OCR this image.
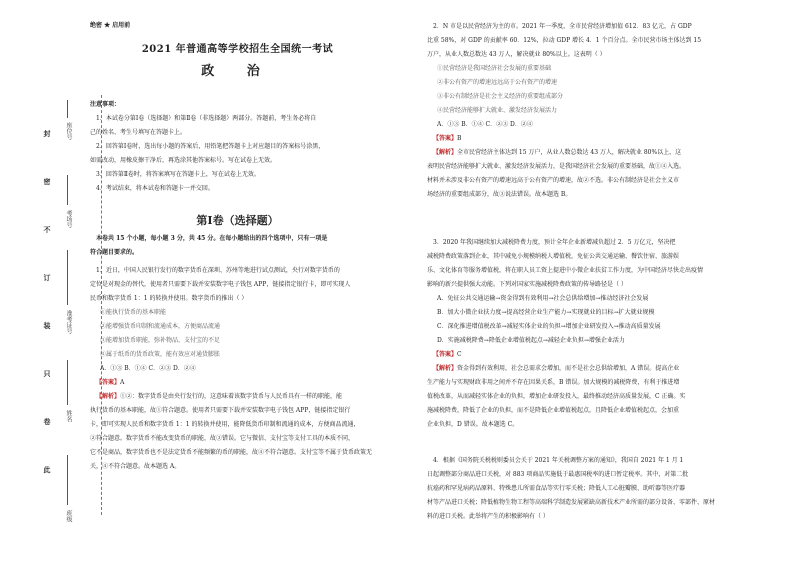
封
密
不
订
装
只
卷
此
座位号
考场号
准考证号
姓名
班级
绝密 ★ 启用前
2021 年普通高等学校招生全国统一考试
政 治

注意事项：

1．本试卷分第Ⅰ卷（选择题）和第Ⅱ卷（非选择题）两部分。答题前，考生务必将自

己的姓名、考生号填写在答题卡上。

2．回答第Ⅰ卷时，选出每小题的答案后，用铅笔把答题卡上对应题目的答案标号涂黑，

如需改动，用橡皮擦干净后，再选涂其他答案标号。写在试卷上无效。

3．回答第Ⅱ卷时，将答案填写在答题卡上，写在试卷上无效。

4．考试结束，将本试卷和答题卡一并交回。

第Ⅰ卷（选择题）

本卷共 15 个小题，每小题 3 分，共 45 分。在每小题给出的四个选项中，只有一项是

符合题目要求的。

1．近日，中国人民银行发行的数字货币在深圳、苏州等地进行试点测试，央行对数字货币的

定位是对现金的替代，使用者只需要下载并安装数字电子钱包 APP，链接指定银行卡，即可实现人

民币和数字货币 1：1 的转换并使用。数字货币的推出（ ）

①能执行货币的基本职能

②能增强货币印制和流通成本，方便商品流通

③能增加货币职能，弥补物品、支付宝的不足

④属于纸币的货币政策，能有效应对通货膨胀

A．①③ B．①④ C．②③ D．②④

【答案】A

【解析】①②：数字货币是由央行发行的，这意味着该数字货币与人民币具有一样的职能，能

执行货币的基本职能，故①符合题意。使用者只需要下载并安装数字电子钱包 APP，链接指定银行

卡，即可实现人民币和数字货币 1：1 的转换并使用，能降低货币印制和流通的成本，方便商品流通，

②符合题意。数字货币不能改变货币的职能，故③错误。它与微信、支付宝等支付工具的本质不同，

它不是商品，数字货币也不是法定货币不能频繁的币的职能，故④不符合题意。支付宝等不属于货币政策无

关，④不符合题意。故本题选 A。

2．N 市是以民营经济为主的市。2021 年一季度，全市民营经济增加值 612．83 亿元，占 GDP

比重 58%，对 GDP 的贡献率 60．12%，拉动 GDP 增长 4．1 个百分点。全市民营市场主体达到 15

万户，从业人数总数达 43 万人，解决就业 80%以上。这表明（ ）

①民营经济是我国经济社会发展的重要基础

②非公有资产的增速远远高于公有资产的增速

③非公有制经济是社会主义经济的重要组成部分

④民营经济能够扩大就业、激发经济发展活力

A．①③ B．①④ C．②③ D．②④

【答案】B

【解析】全市民营经济主体达到 15 万户，从业人数总数达 43 万人，解决就业 80%以上，这

表明民营经济能够扩大就业、激发经济发展活力，是我国经济社会发展的重要基础，故①④入选。

材料并未涉及非公有资产的增速远高于公有资产的增速，故②不选。非公有制经济是社会主义市

场经济的重要组成部分，故③说法错误。故本题选 B。

3．2020 年我国继续加大减税降费力度，预计全年企业新增减负超过 2．5 万亿元，坚决把

减税降费政策落到企业，其中减免小规模纳税人增值税，免征公共交通运输、餐饮住宿、旅游娱

乐、文化体育等服务增值税，将在职人员工资上提进中小微企业扶贫工作力度，为中国经济尽快走出疫情

影响的新兴提供强大动能。下列对国家实施减税降费政策的传导路径是（ ）

A．免征公共交通运输→资金得到有效利用→社会总供给增加→推动经济社会发展

B．加大小微企业扶力度→提高经营企业生产能力→实现就业的目标→扩大就业规模

C．深化推进增值税改革→减轻实体企业的负担→增加企业研发投入→推动高质量发展

D．实施减税降费→降低企业增值税起点→减轻企业负担→增强企业活力

【答案】C

【解析】资金得到有效利用，社会总需求会增加，而不是社会总供给增加，A 错误。提高企业

生产能力与实现财政非用之间并不存在因果关系，B 错误。加大规模的减税降费，有利于推进增

值税改革，从而减轻实体企业的负担，增加企业研发投入，最终推动经济高质量发展，C 正确。实

施减税降费，降低了企业的负担，而不是降低企业增值税起点，且降低企业增值税起点，会加重

企业负担，D 错误。故本题选 C。

4．根据《国务院关税税则委员会关于 2021 年关税调整方案的通知》，我国自 2021 年 1 月 1

日起调整部分商品进口关税，对 883 项商品实施低于最惠国税率的进口暂定税率。其中，对第二批

抗癌药和罕见病药品原料、特殊患儿所需食品等实行零关税；降低人工心脏瓣膜、助听器等医疗器

材等产品进口关税；降低植物生物工程等高端科学制造发展紧缺高新技术产业所需的部分设备、零部件、原材

料的进口关税。此举将产生的积极影响有（ ）
